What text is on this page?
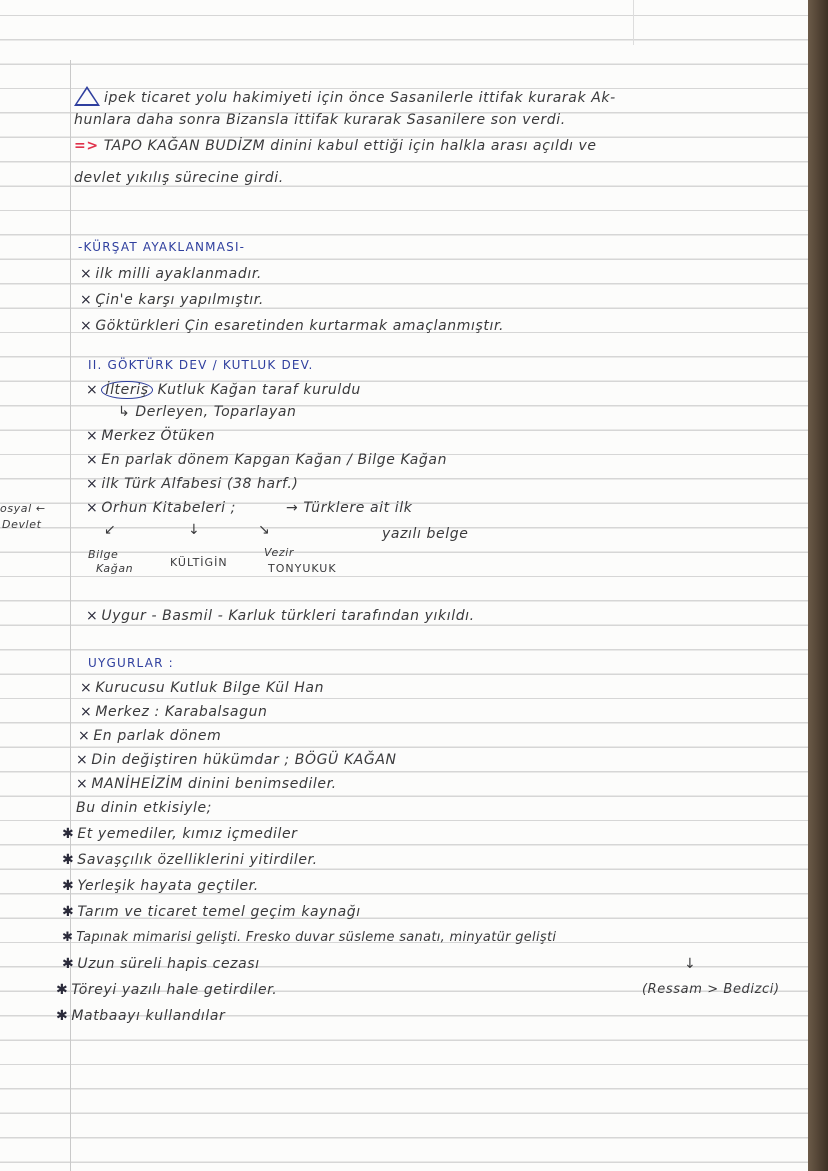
ipek ticaret yolu hakimiyeti için önce Sasanilerle ittifak kurarak Ak-
hunlara daha sonra Bizansla ittifak kurarak Sasanilere son verdi.
=> TAPO KAĞAN BUDİZM dinini kabul ettiği için halkla arası açıldı ve
devlet yıkılış sürecine girdi.
-KÜRŞAT AYAKLANMASI-
× ilk milli ayaklanmadır.
× Çin'e karşı yapılmıştır.
× Göktürkleri Çin esaretinden kurtarmak amaçlanmıştır.
II. GÖKTÜRK DEV / KUTLUK DEV.
× İlteriş Kutluk Kağan taraf kuruldu
↳ Derleyen, Toparlayan
× Merkez Ötüken
× En parlak dönem Kapgan Kağan / Bilge Kağan
× ilk Türk Alfabesi (38 harf.)
osyal ←
Devlet
× Orhun Kitabeleri ;	→ Türklere ait ilk
yazılı belge
↙	↓	↘
Bilge
Kağan	KÜLTİGİN
Vezir
TONYUKUK
× Uygur - Basmil - Karluk türkleri tarafından yıkıldı.
UYGURLAR :
× Kurucusu Kutluk Bilge Kül Han
× Merkez : Karabalsagun
× En parlak dönem
× Din değiştiren hükümdar ; BÖGÜ KAĞAN
× MANİHEİZİM dinini benimsediler.
Bu dinin etkisiyle;
✱ Et yemediler, kımız içmediler
✱ Savaşçılık özelliklerini yitirdiler.
✱ Yerleşik hayata geçtiler.
✱ Tarım ve ticaret temel geçim kaynağı
✱ Tapınak mimarisi gelişti. Fresko duvar süsleme sanatı, minyatür gelişti
✱ Uzun süreli hapis cezası	↓
✱ Töreyi yazılı hale getirdiler.	(Ressam > Bedizci)
✱ Matbaayı kullandılar
